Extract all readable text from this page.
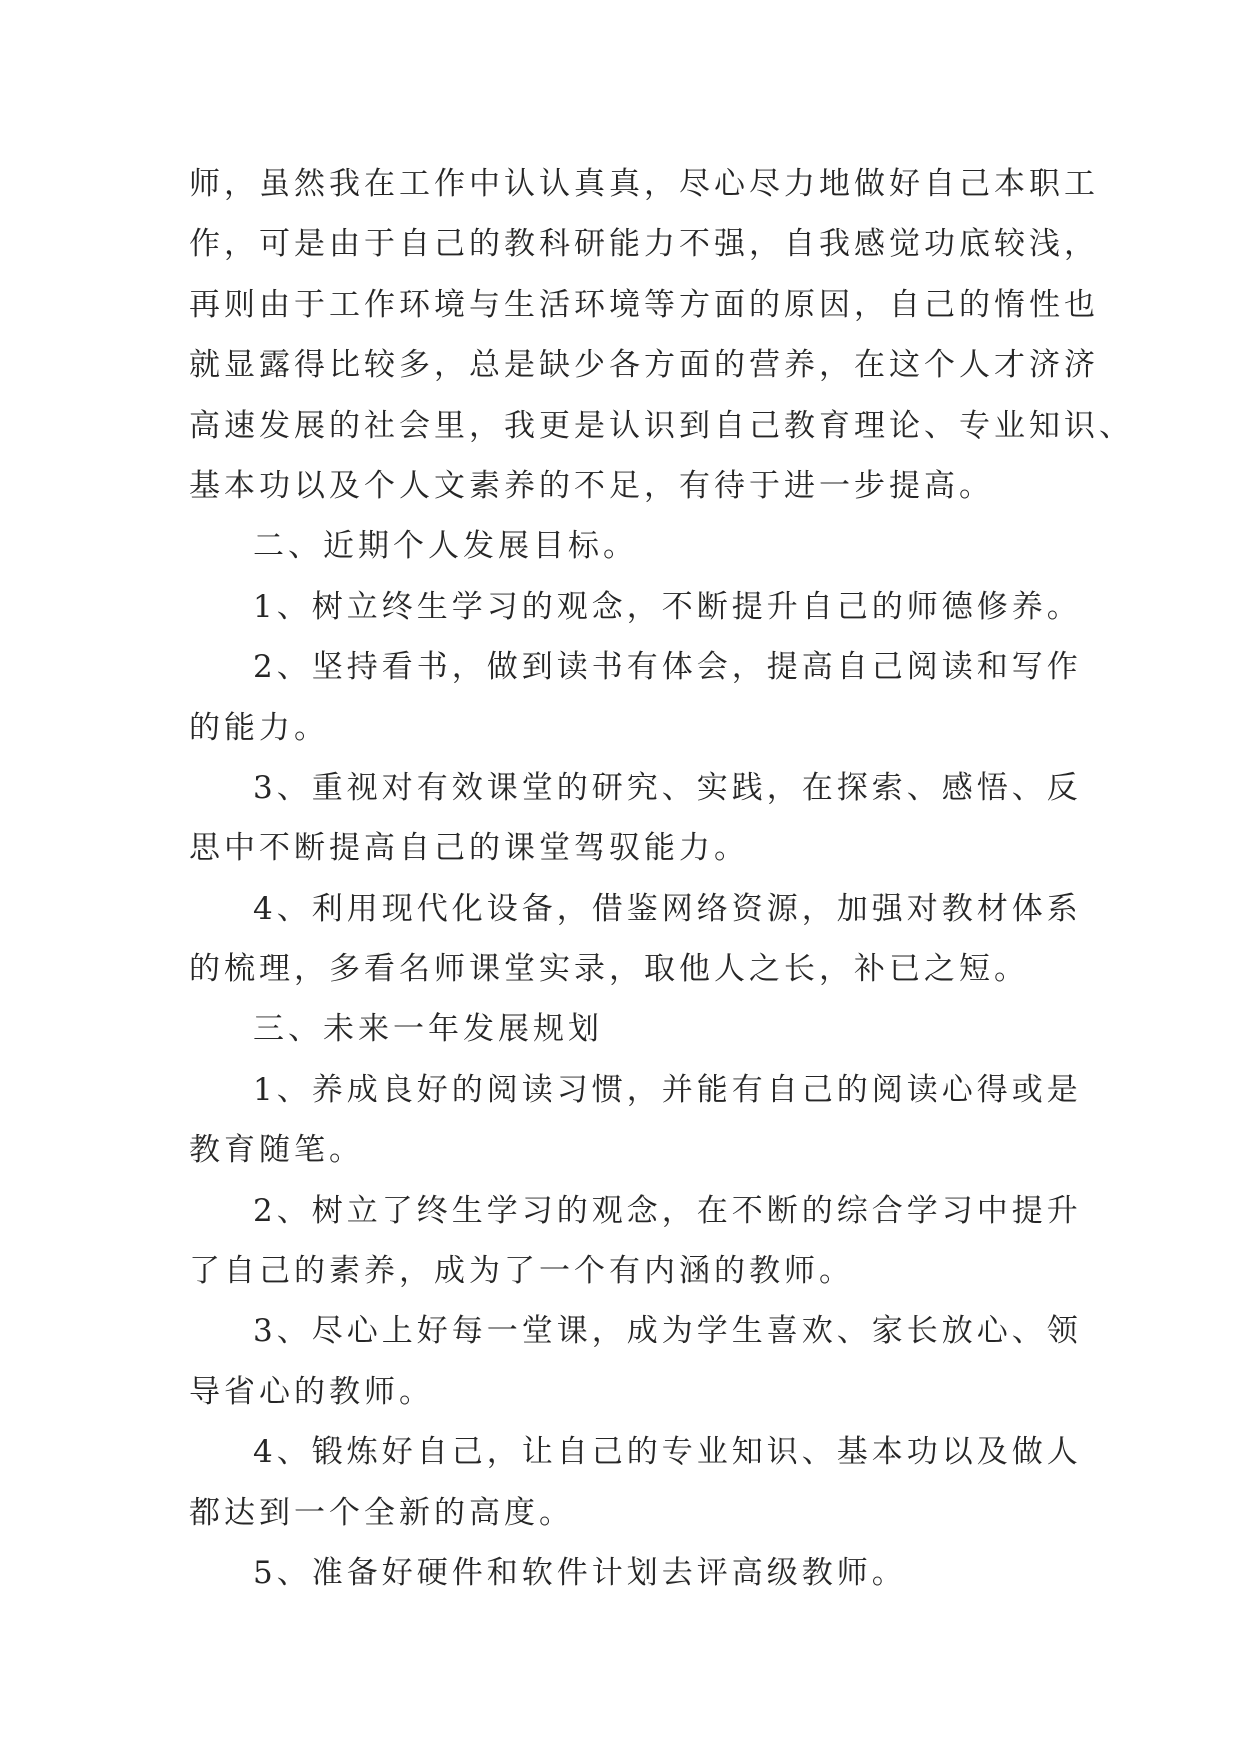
师，虽然我在工作中认认真真，尽心尽力地做好自己本职工
作，可是由于自己的教科研能力不强，自我感觉功底较浅，
再则由于工作环境与生活环境等方面的原因，自己的惰性也
就显露得比较多，总是缺少各方面的营养，在这个人才济济
高速发展的社会里，我更是认识到自己教育理论、专业知识、
基本功以及个人文素养的不足，有待于进一步提高。
二、近期个人发展目标。
1、树立终生学习的观念，不断提升自己的师德修养。
2、坚持看书，做到读书有体会，提高自己阅读和写作
的能力。
3、重视对有效课堂的研究、实践，在探索、感悟、反
思中不断提高自己的课堂驾驭能力。
4、利用现代化设备，借鉴网络资源，加强对教材体系
的梳理，多看名师课堂实录，取他人之长，补已之短。
三、未来一年发展规划
1、养成良好的阅读习惯，并能有自己的阅读心得或是
教育随笔。
2、树立了终生学习的观念，在不断的综合学习中提升
了自己的素养，成为了一个有内涵的教师。
3、尽心上好每一堂课，成为学生喜欢、家长放心、领
导省心的教师。
4、锻炼好自己，让自己的专业知识、基本功以及做人
都达到一个全新的高度。
5、准备好硬件和软件计划去评高级教师。
